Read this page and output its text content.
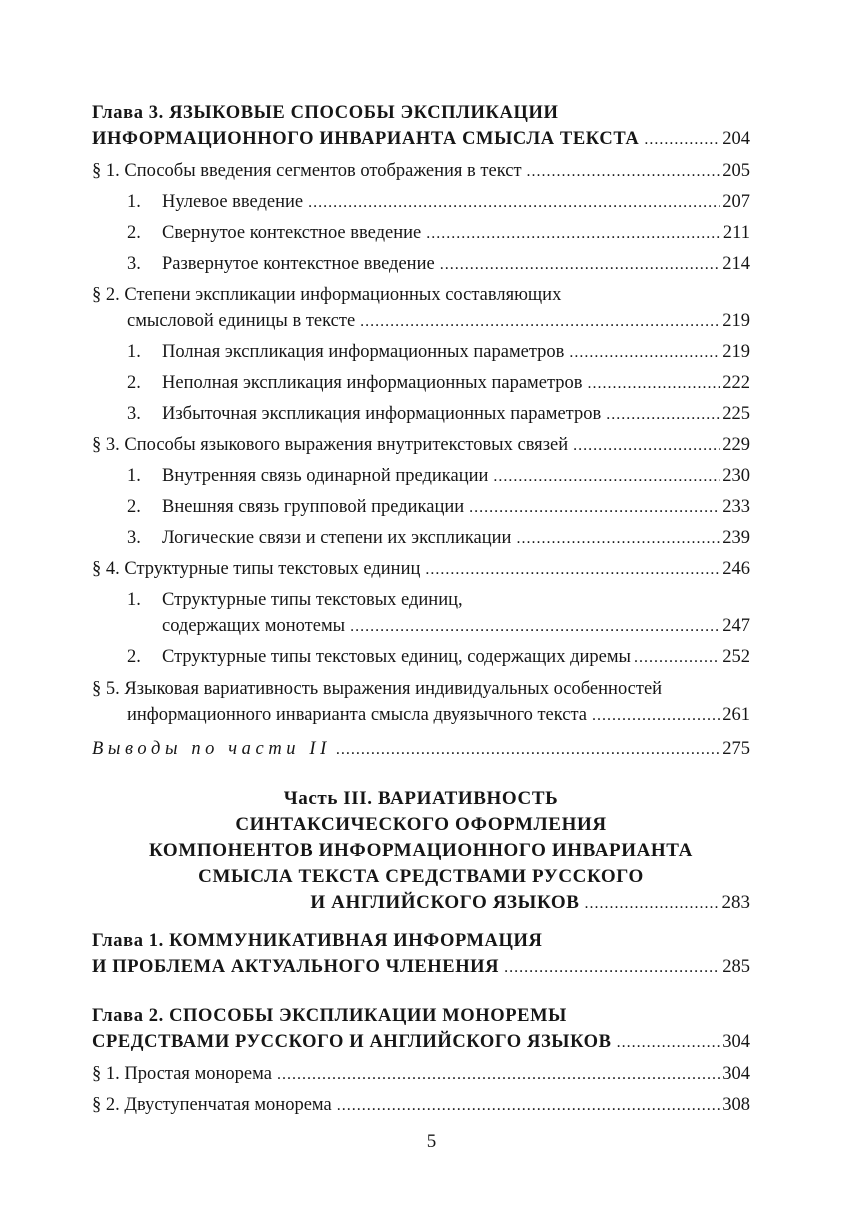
Глава 3. ЯЗЫКОВЫЕ СПОСОБЫ ЭКСПЛИКАЦИИ
ИНФОРМАЦИОННОГО ИНВАРИАНТА СМЫСЛА ТЕКСТА .....	204
§ 1. Способы введения сегментов отображения в текст .....	205
1. Нулевое введение .....	207
2. Свернутое контекстное введение .....	211
3. Развернутое контекстное введение .....	214
§ 2. Степени экспликации информационных составляющих
смысловой единицы в тексте .....	219
1. Полная экспликация информационных параметров .....	219
2. Неполная экспликация информационных параметров .....	222
3. Избыточная экспликация информационных параметров .....	225
§ 3. Способы языкового выражения внутритекстовых связей .....	229
1. Внутренняя связь одинарной предикации .....	230
2. Внешняя связь групповой предикации .....	233
3. Логические связи и степени их экспликации .....	239
§ 4. Структурные типы текстовых единиц .....	246
1. Структурные типы текстовых единиц,
содержащих монотемы .....	247
2. Структурные типы текстовых единиц, содержащих диремы .....	252
§ 5. Языковая вариативность выражения индивидуальных особенностей
информационного инварианта смысла двуязычного текста .....	261
Выводы по части II .....	275
Часть III. ВАРИАТИВНОСТЬ
СИНТАКСИЧЕСКОГО ОФОРМЛЕНИЯ
КОМПОНЕНТОВ ИНФОРМАЦИОННОГО ИНВАРИАНТА
СМЫСЛА ТЕКСТА СРЕДСТВАМИ РУССКОГО
И АНГЛИЙСКОГО ЯЗЫКОВ .....	283
Глава 1. КОММУНИКАТИВНАЯ ИНФОРМАЦИЯ
И ПРОБЛЕМА АКТУАЛЬНОГО ЧЛЕНЕНИЯ .....	285
Глава 2. СПОСОБЫ ЭКСПЛИКАЦИИ МОНОРЕМЫ
СРЕДСТВАМИ РУССКОГО И АНГЛИЙСКОГО ЯЗЫКОВ .....	304
§ 1. Простая монорема .....	304
§ 2. Двуступенчатая монорема .....	308
5
